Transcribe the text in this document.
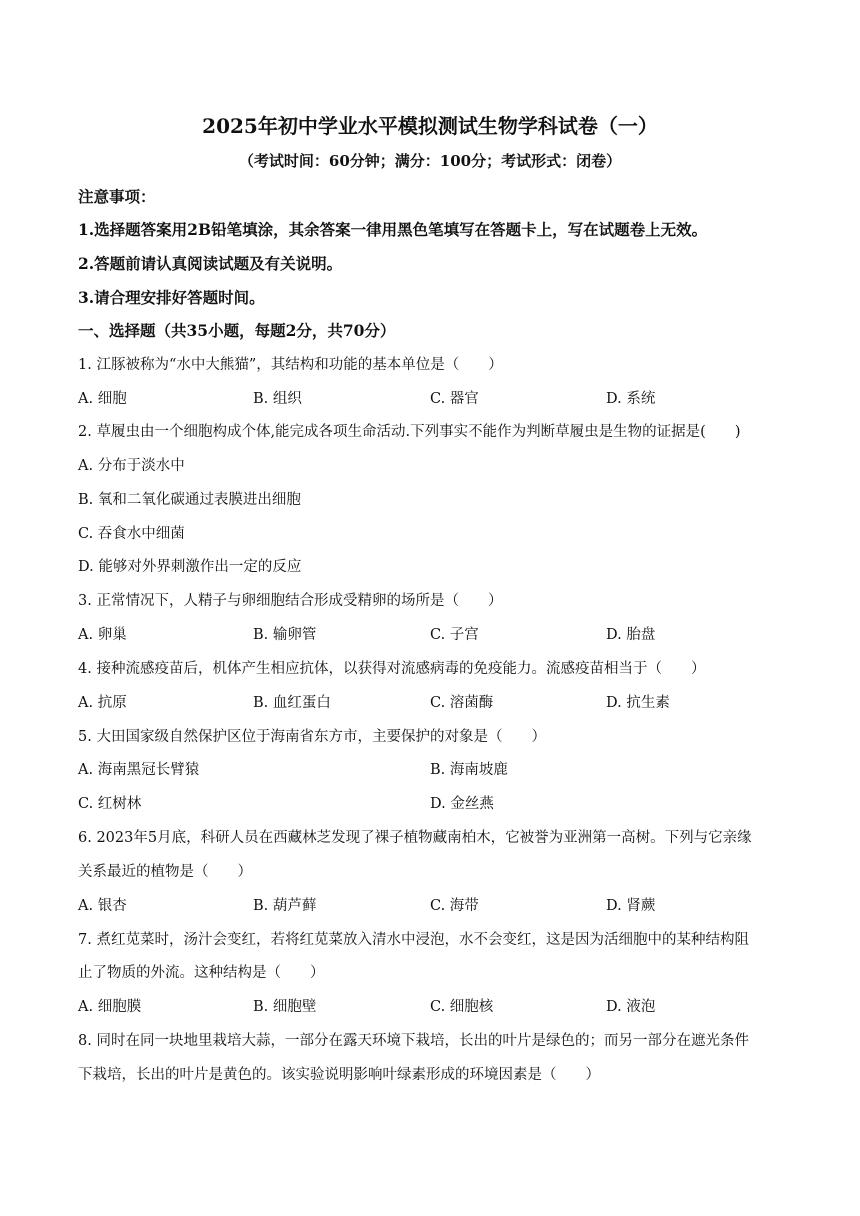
2025年初中学业水平模拟测试生物学科试卷（一）
（考试时间：60分钟；满分：100分；考试形式：闭卷）
注意事项：
1.选择题答案用2B铅笔填涂，其余答案一律用黑色笔填写在答题卡上，写在试题卷上无效。
2.答题前请认真阅读试题及有关说明。
3.请合理安排好答题时间。
一、选择题（共35小题，每题2分，共70分）
1. 江豚被称为“水中大熊猫”，其结构和功能的基本单位是（　　）
A. 细胞	B. 组织	C. 器官	D. 系统
2. 草履虫由一个细胞构成个体,能完成各项生命活动.下列事实不能作为判断草履虫是生物的证据是(　　)
A. 分布于淡水中
B. 氧和二氧化碳通过表膜进出细胞
C. 吞食水中细菌
D. 能够对外界刺激作出一定的反应
3. 正常情况下，人精子与卵细胞结合形成受精卵的场所是（　　）
A. 卵巢	B. 输卵管	C. 子宫	D. 胎盘
4. 接种流感疫苗后，机体产生相应抗体，以获得对流感病毒的免疫能力。流感疫苗相当于（　　）
A. 抗原	B. 血红蛋白	C. 溶菌酶	D. 抗生素
5. 大田国家级自然保护区位于海南省东方市，主要保护的对象是（　　）
A. 海南黑冠长臂猿	B. 海南坡鹿
C. 红树林	D. 金丝燕
6. 2023年5月底，科研人员在西藏林芝发现了裸子植物藏南柏木，它被誉为亚洲第一高树。下列与它亲缘
关系最近的植物是（　　）
A. 银杏	B. 葫芦藓	C. 海带	D. 肾蕨
7. 煮红苋菜时，汤汁会变红，若将红苋菜放入清水中浸泡，水不会变红，这是因为活细胞中的某种结构阻
止了物质的外流。这种结构是（　　）
A. 细胞膜	B. 细胞壁	C. 细胞核	D. 液泡
8. 同时在同一块地里栽培大蒜，一部分在露天环境下栽培，长出的叶片是绿色的；而另一部分在遮光条件
下栽培，长出的叶片是黄色的。该实验说明影响叶绿素形成的环境因素是（　　）
